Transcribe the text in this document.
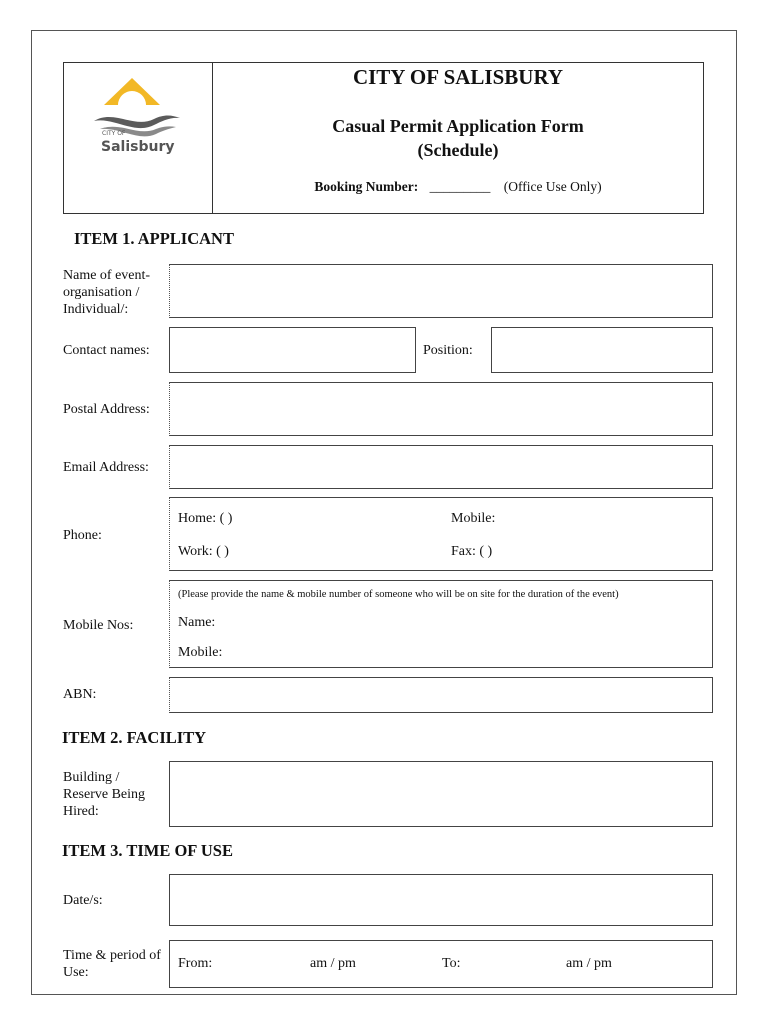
CITY OF
Salisbury
CITY OF SALISBURY
Casual Permit Application Form
(Schedule)
Booking Number: _________ (Office Use Only)
ITEM 1. APPLICANT
Name of event-organisation / Individual/:
Contact names:	Position:
Postal Address:
Email Address:
Phone:
Home: ( )	Mobile:
Work: ( )	Fax: ( )
Mobile Nos:
(Please provide the name & mobile number of someone who will be on site for the duration of the event)
Name:
Mobile:
ABN:
ITEM 2. FACILITY
Building / Reserve Being Hired:
ITEM 3. TIME OF USE
Date/s:
Time & period of Use:
From:	am / pm	To:	am / pm
